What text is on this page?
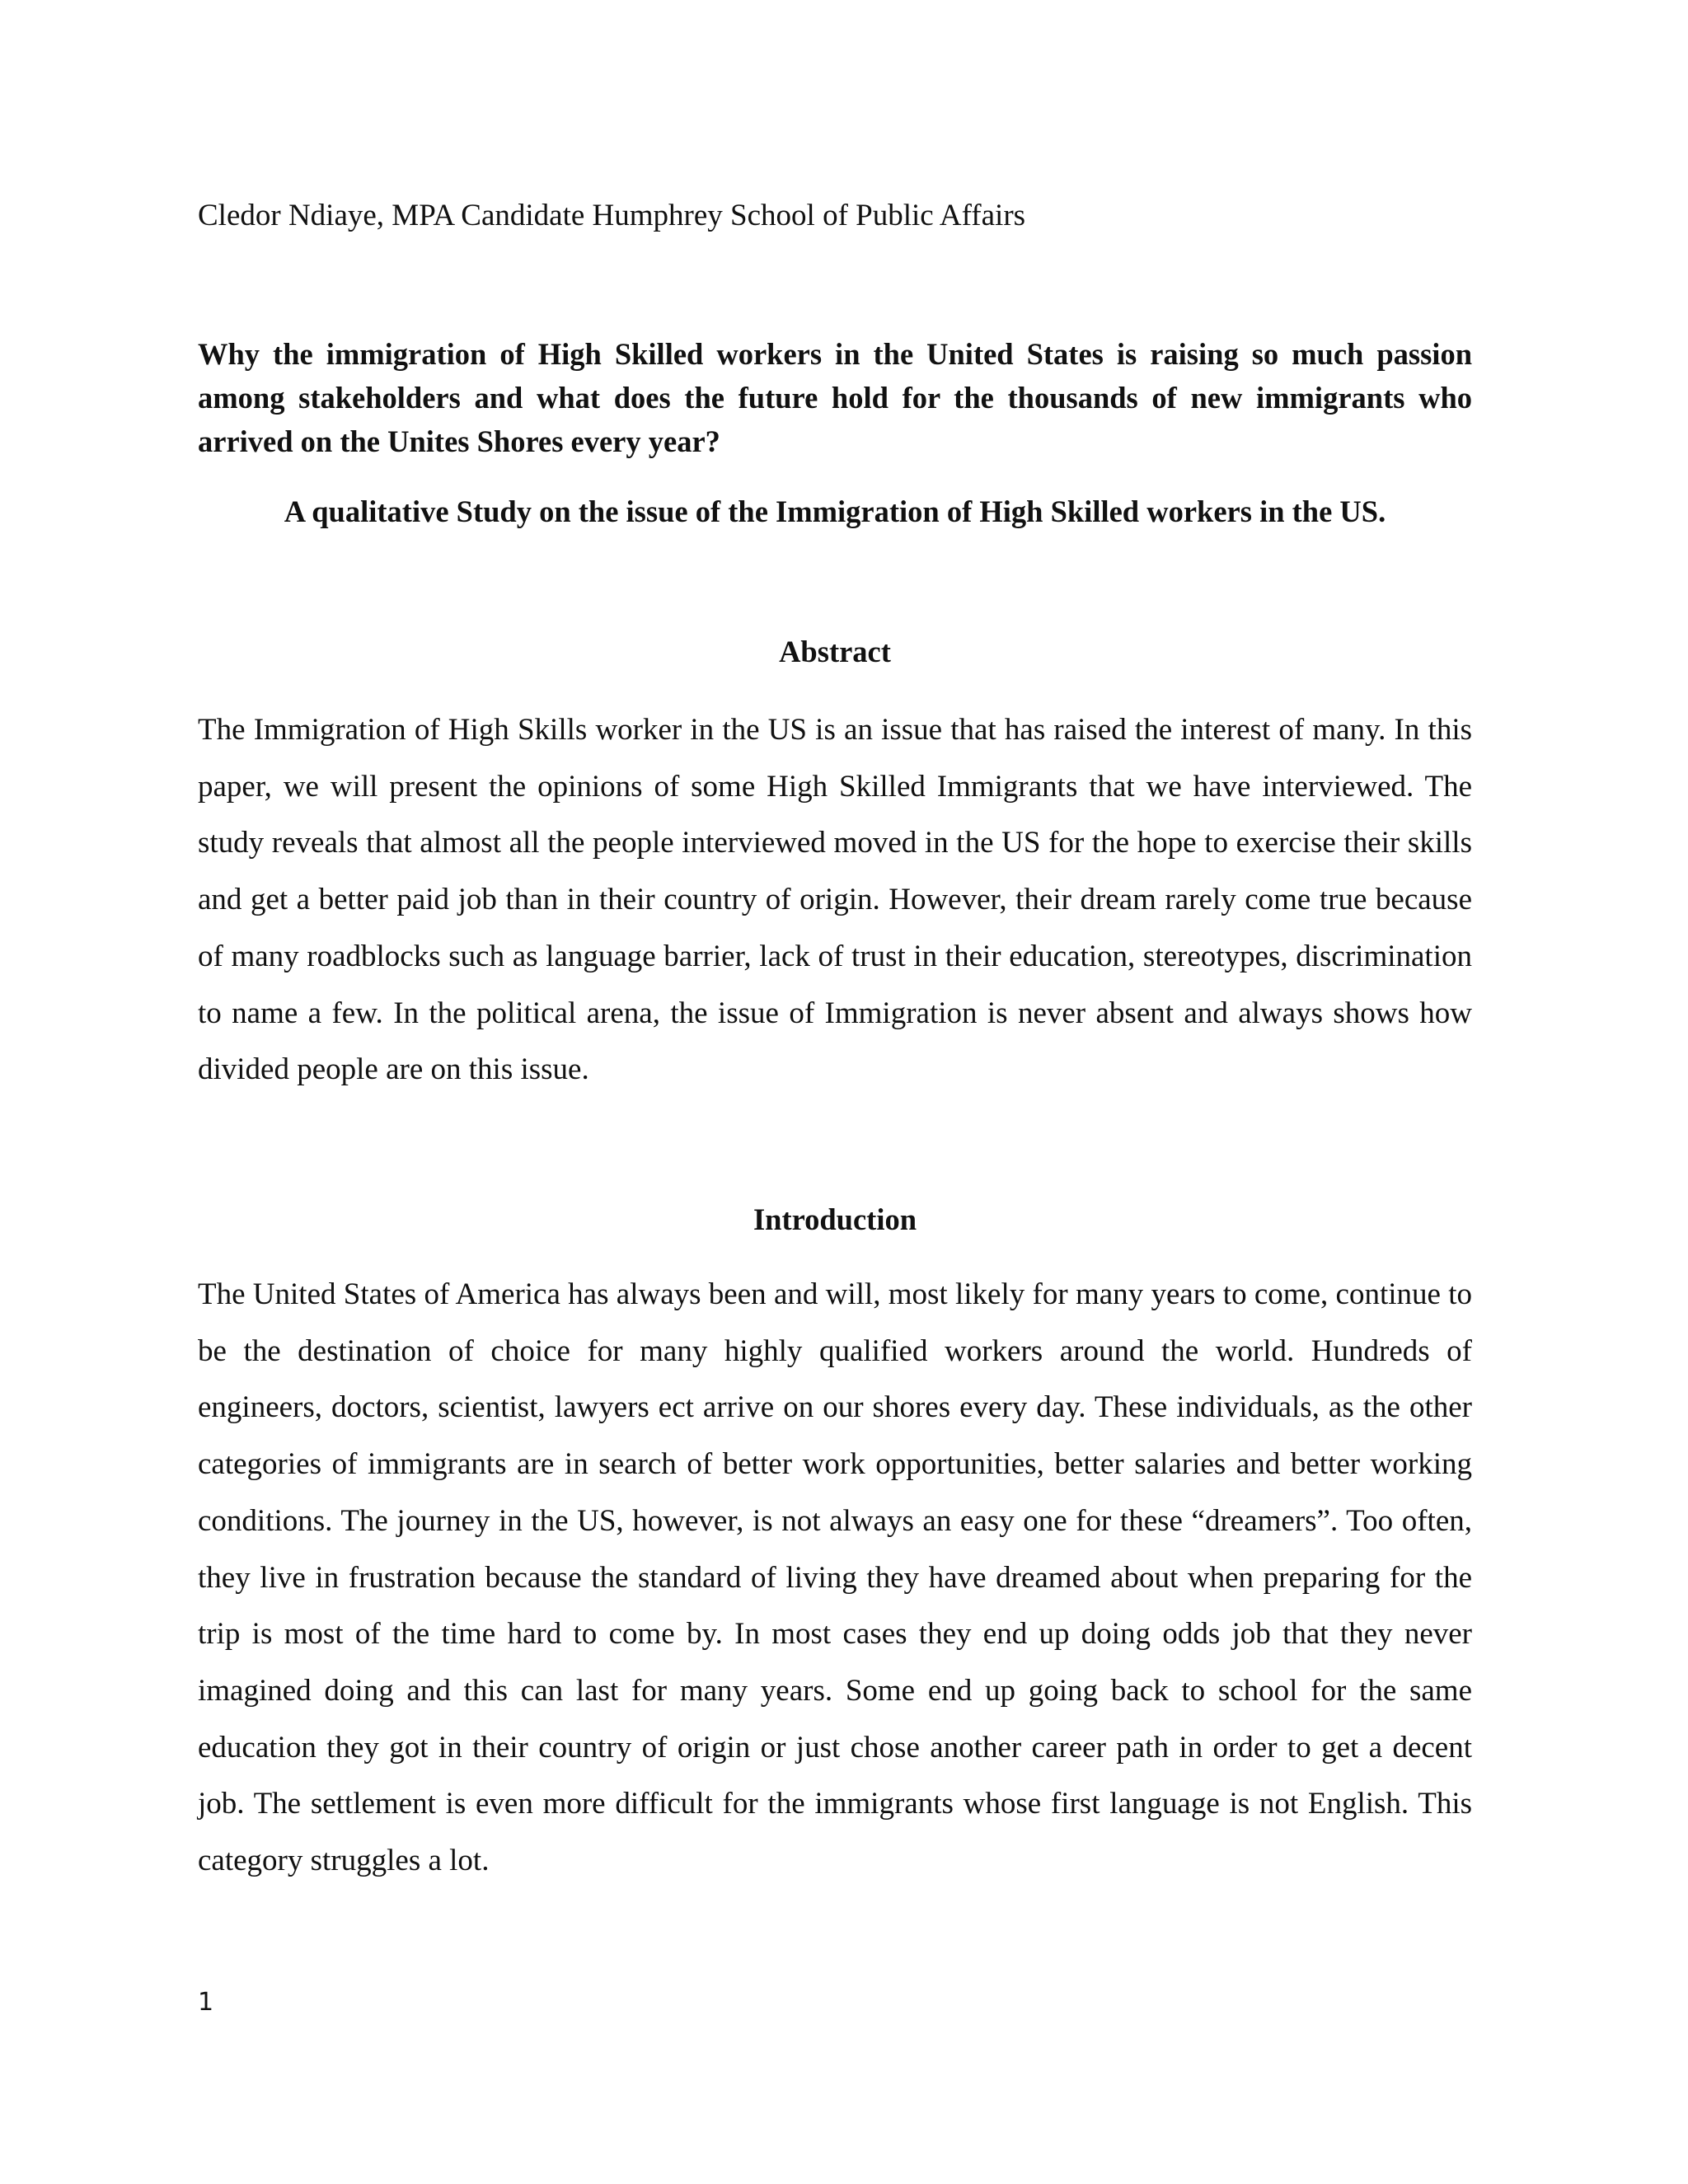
Cledor Ndiaye, MPA Candidate Humphrey School of Public Affairs
Why the immigration of High Skilled workers in the United States is raising so much passion among stakeholders and what does the future hold for the thousands of new immigrants who arrived on the Unites Shores every year?
A qualitative Study on the issue of the Immigration of High Skilled workers in the US.
Abstract
The Immigration of High Skills worker in the US is an issue that has raised the interest of many. In this paper, we will present the opinions of some High Skilled Immigrants that we have interviewed. The study reveals that almost all the people interviewed moved in the US for the hope to exercise their skills and get a better paid job than in their country of origin. However, their dream rarely come true because of many roadblocks such as language barrier, lack of trust in their education, stereotypes, discrimination to name a few. In the political arena, the issue of Immigration is never absent and always shows how divided people are on this issue.
Introduction
The United States of America has always been and will, most likely for many years to come, continue to be the destination of choice for many highly qualified workers around the world. Hundreds of engineers, doctors, scientist, lawyers ect arrive on our shores every day. These individuals, as the other categories of immigrants are in search of better work opportunities, better salaries and better working conditions. The journey in the US, however, is not always an easy one for these “dreamers”. Too often, they live in frustration because the standard of living they have dreamed about when preparing for the trip is most of the time hard to come by. In most cases they end up doing odds job that they never imagined doing and this can last for many years. Some end up going back to school for the same education they got in their country of origin or just chose another career path in order to get a decent job. The settlement is even more difficult for the immigrants whose first language is not English. This category struggles a lot.
1
